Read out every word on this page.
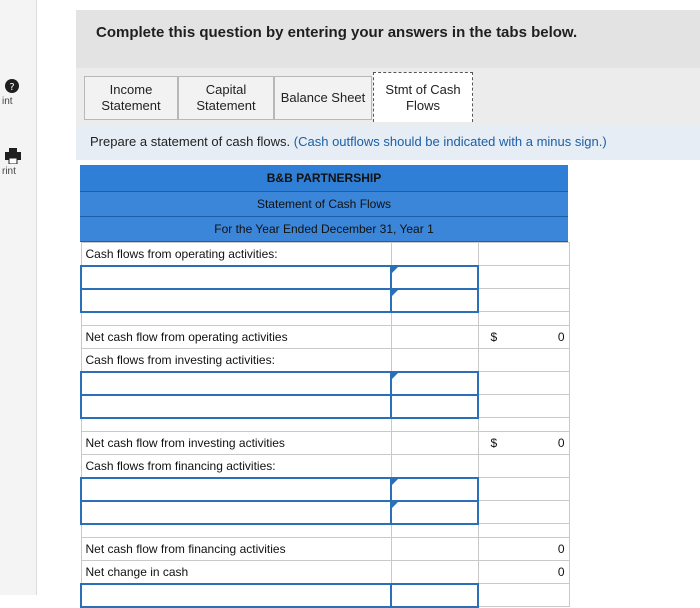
?
int
rint
Complete this question by entering your answers in the tabs below.
Income
Statement
Capital
Statement
Balance Sheet
Stmt of Cash
Flows
Prepare a statement of cash flows. (Cash outflows should be indicated with a minus sign.)
B&B PARTNERSHIP
Statement of Cash Flows
For the Year Ended December 31, Year 1
Cash flows from operating activities:		

Net cash flow from operating activities		$ 0

Cash flows from investing activities:		

Net cash flow from investing activities		$ 0

Cash flows from financing activities:		

Net cash flow from financing activities		0

Net change in cash		0
